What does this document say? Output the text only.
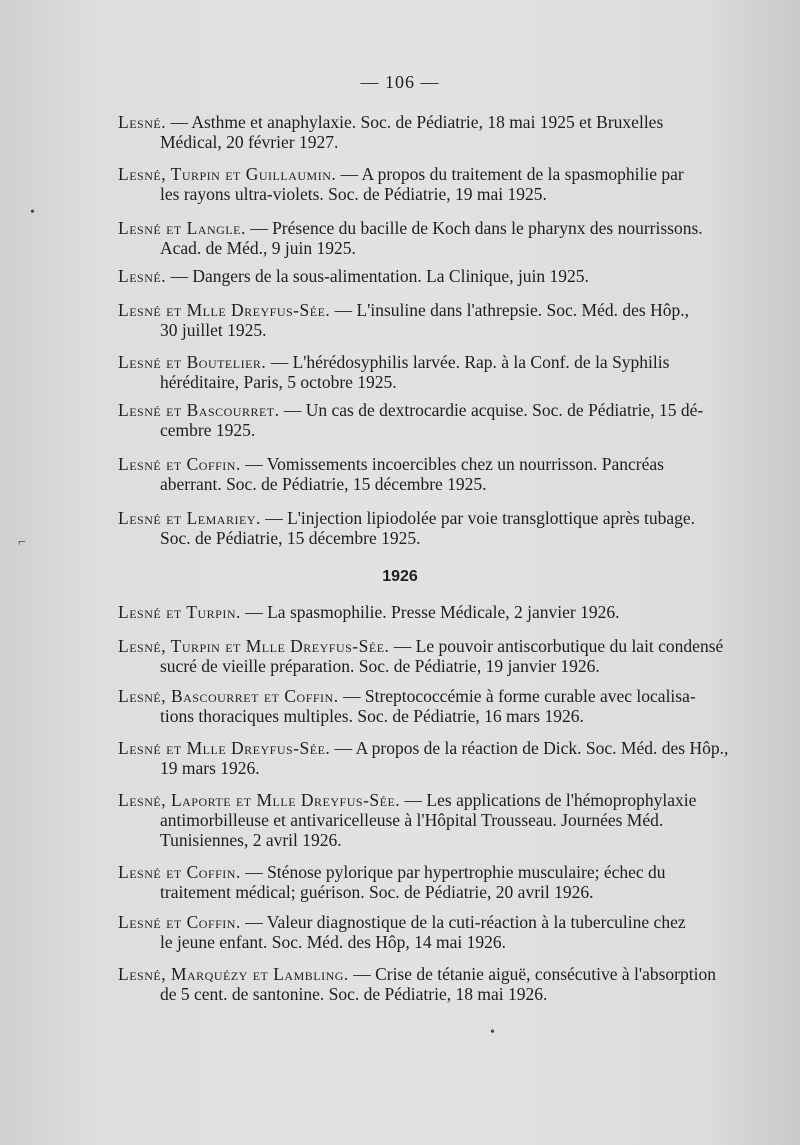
— 106 —
Lesné. — Asthme et anaphylaxie. Soc. de Pédiatrie, 18 mai 1925 et Bruxelles
Médical, 20 février 1927.
Lesné, Turpin et Guillaumin. — A propos du traitement de la spasmophilie par
les rayons ultra-violets. Soc. de Pédiatrie, 19 mai 1925.
Lesné et Langle. — Présence du bacille de Koch dans le pharynx des nourrissons.
Acad. de Méd., 9 juin 1925.
Lesné. — Dangers de la sous-alimentation. La Clinique, juin 1925.
Lesné et Mlle Dreyfus-Sée. — L'insuline dans l'athrepsie. Soc. Méd. des Hôp.,
30 juillet 1925.
Lesné et Boutelier. — L'hérédosyphilis larvée. Rap. à la Conf. de la Syphilis
héréditaire, Paris, 5 octobre 1925.
Lesné et Bascourret. — Un cas de dextrocardie acquise. Soc. de Pédiatrie, 15 dé-
cembre 1925.
Lesné et Coffin. — Vomissements incoercibles chez un nourrisson. Pancréas
aberrant. Soc. de Pédiatrie, 15 décembre 1925.
Lesné et Lemariey. — L'injection lipiodolée par voie transglottique après tubage.
Soc. de Pédiatrie, 15 décembre 1925.
Lesné et Turpin. — La spasmophilie. Presse Médicale, 2 janvier 1926.
Lesné, Turpin et Mlle Dreyfus-Sée. — Le pouvoir antiscorbutique du lait condensé
sucré de vieille préparation. Soc. de Pédiatrie, 19 janvier 1926.
Lesné, Bascourret et Coffin. — Streptococcémie à forme curable avec localisa-
tions thoraciques multiples. Soc. de Pédiatrie, 16 mars 1926.
Lesné et Mlle Dreyfus-Sée. — A propos de la réaction de Dick. Soc. Méd. des Hôp.,
19 mars 1926.
Lesné, Laporte et Mlle Dreyfus-Sée. — Les applications de l'hémoprophylaxie
antimorbilleuse et antivaricelleuse à l'Hôpital Trousseau. Journées Méd.
Tunisiennes, 2 avril 1926.
Lesné et Coffin. — Sténose pylorique par hypertrophie musculaire; échec du
traitement médical; guérison. Soc. de Pédiatrie, 20 avril 1926.
Lesné et Coffin. — Valeur diagnostique de la cuti-réaction à la tuberculine chez
le jeune enfant. Soc. Méd. des Hôp, 14 mai 1926.
Lesné, Marquézy et Lambling. — Crise de tétanie aiguë, consécutive à l'absorption
de 5 cent. de santonine. Soc. de Pédiatrie, 18 mai 1926.
1926
•
⌐
•
